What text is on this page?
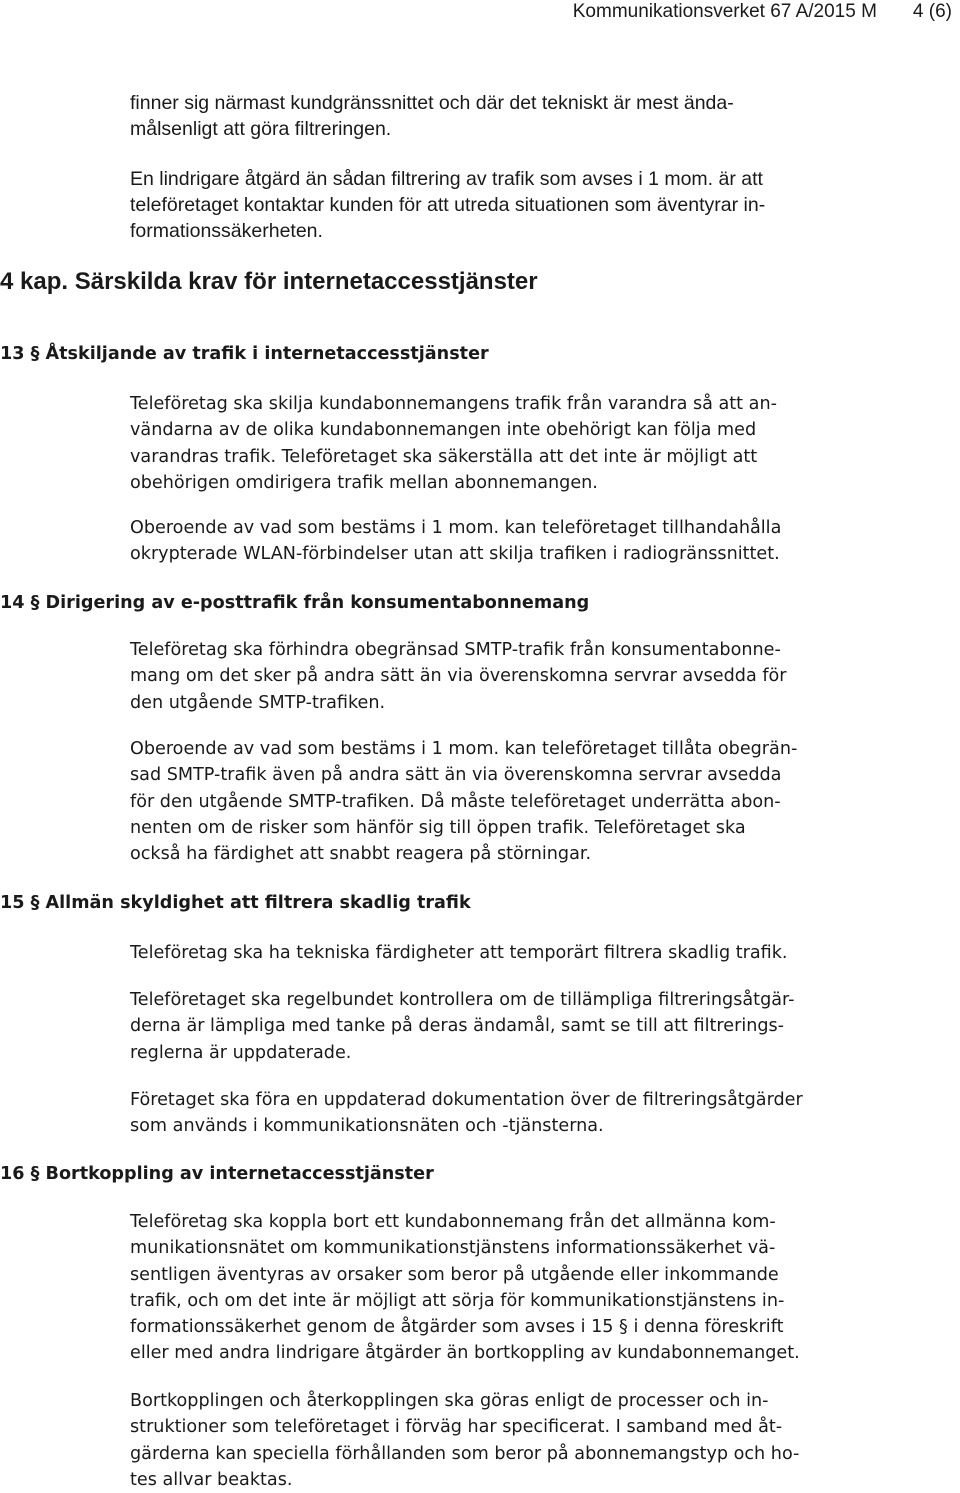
Kommunikationsverket 67 A/2015 M 4 (6)
finner sig närmast kundgränssnittet och där det tekniskt är mest ända-
målsenligt att göra filtreringen.
En lindrigare åtgärd än sådan filtrering av trafik som avses i 1 mom. är att
teleföretaget kontaktar kunden för att utreda situationen som äventyrar in-
formationssäkerheten.
4 kap. Särskilda krav för internetaccesstjänster
13 § Åtskiljande av trafik i internetaccesstjänster
Teleföretag ska skilja kundabonnemangens trafik från varandra så att an-
vändarna av de olika kundabonnemangen inte obehörigt kan följa med
varandras trafik. Teleföretaget ska säkerställa att det inte är möjligt att
obehörigen omdirigera trafik mellan abonnemangen.
Oberoende av vad som bestäms i 1 mom. kan teleföretaget tillhandahålla
okrypterade WLAN-förbindelser utan att skilja trafiken i radiogränssnittet.
14 § Dirigering av e-posttrafik från konsumentabonnemang
Teleföretag ska förhindra obegränsad SMTP-trafik från konsumentabonne-
mang om det sker på andra sätt än via överenskomna servrar avsedda för
den utgående SMTP-trafiken.
Oberoende av vad som bestäms i 1 mom. kan teleföretaget tillåta obegrän-
sad SMTP-trafik även på andra sätt än via överenskomna servrar avsedda
för den utgående SMTP-trafiken. Då måste teleföretaget underrätta abon-
nenten om de risker som hänför sig till öppen trafik. Teleföretaget ska
också ha färdighet att snabbt reagera på störningar.
15 § Allmän skyldighet att filtrera skadlig trafik
Teleföretag ska ha tekniska färdigheter att temporärt filtrera skadlig trafik.
Teleföretaget ska regelbundet kontrollera om de tillämpliga filtreringsåtgär-
derna är lämpliga med tanke på deras ändamål, samt se till att filtrerings-
reglerna är uppdaterade.
Företaget ska föra en uppdaterad dokumentation över de filtreringsåtgärder
som används i kommunikationsnäten och -tjänsterna.
16 § Bortkoppling av internetaccesstjänster
Teleföretag ska koppla bort ett kundabonnemang från det allmänna kom-
munikationsnätet om kommunikationstjänstens informationssäkerhet vä-
sentligen äventyras av orsaker som beror på utgående eller inkommande
trafik, och om det inte är möjligt att sörja för kommunikationstjänstens in-
formationssäkerhet genom de åtgärder som avses i 15 § i denna föreskrift
eller med andra lindrigare åtgärder än bortkoppling av kundabonnemanget.
Bortkopplingen och återkopplingen ska göras enligt de processer och in-
struktioner som teleföretaget i förväg har specificerat. I samband med åt-
gärderna kan speciella förhållanden som beror på abonnemangstyp och ho-
tes allvar beaktas.
